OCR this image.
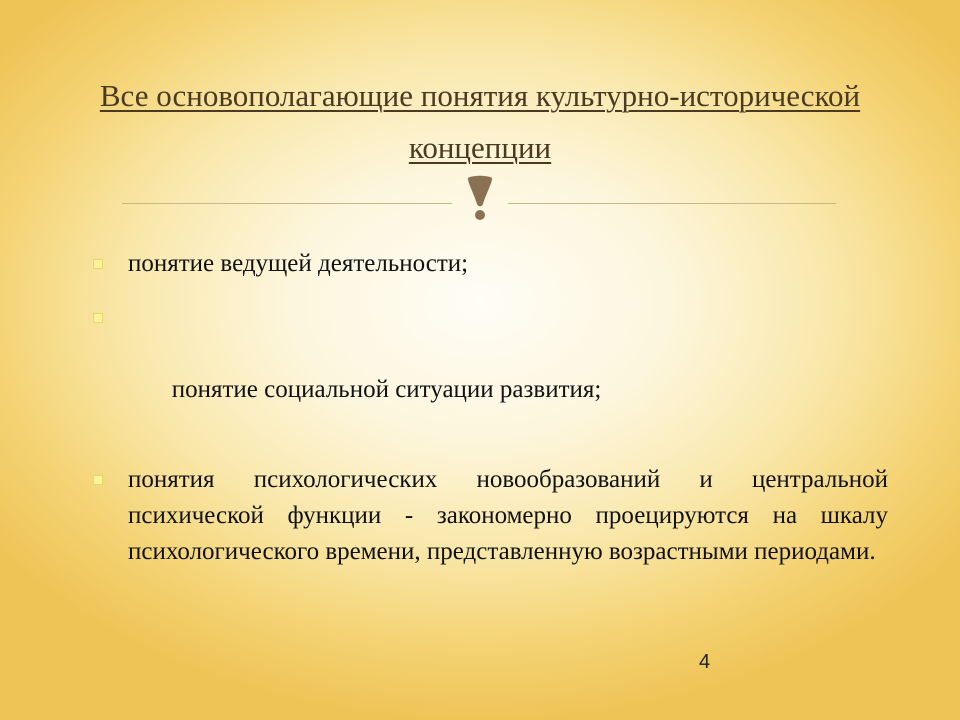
Все основополагающие понятия культурно-исторической концепции
понятие ведущей деятельности;

понятие социальной ситуации развития;

понятия психологических новообразований и центральной психической функции - закономерно проецируются на шкалу психологического времени, представленную возрастными периодами.
4
